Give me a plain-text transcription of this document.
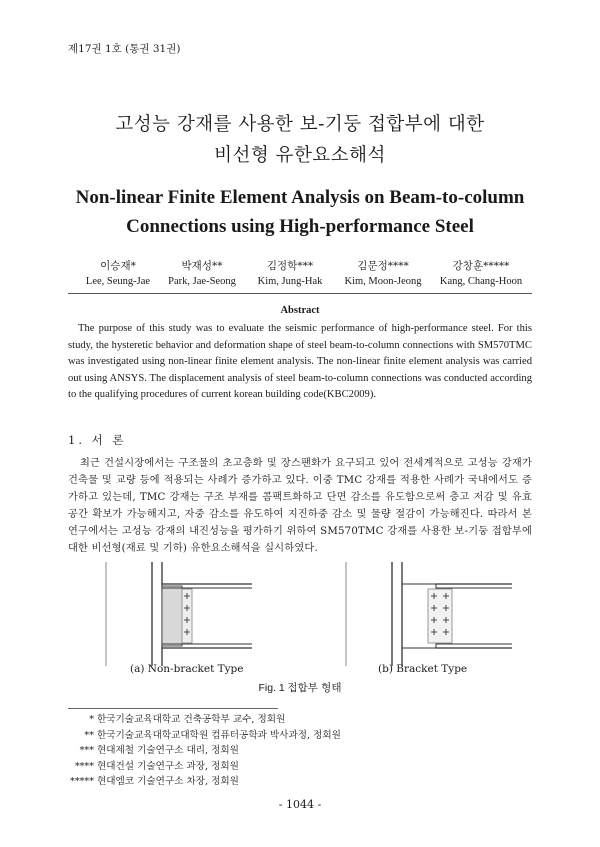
제17권 1호 (통권 31권)
고성능 강재를 사용한 보-기둥 접합부에 대한
비선형 유한요소해석
Non-linear Finite Element Analysis on Beam-to-column
Connections using High-performance Steel
이승재*
Lee, Seung-Jae
박재성**
Park, Jae-Seong
김정학***
Kim, Jung-Hak
김문정****
Kim, Moon-Jeong
강창훈*****
Kang, Chang-Hoon
Abstract
The purpose of this study was to evaluate the seismic performance of high-performance steel. For this study, the hysteretic behavior and deformation shape of steel beam-to-column connections with SM570TMC was investigated using non-linear finite element analysis. The non-linear finite element analysis was carried out using ANSYS. The displacement analysis of steel beam-to-column connections was conducted according to the qualifying procedures of current korean building code(KBC2009).
1. 서 론
최근 건설시장에서는 구조물의 초고층화 및 장스팬화가 요구되고 있어 전세계적으로 고성능 강재가 건축물 및 교량 등에 적용되는 사례가 증가하고 있다. 이중 TMC 강재를 적용한 사례가 국내에서도 증가하고 있는데, TMC 강재는 구조 부재를 콤팩트화하고 단면 감소를 유도함으로써 층고 저감 및 유효 공간 확보가 가능해지고, 자중 감소를 유도하여 지진하중 감소 및 물량 절감이 가능해진다. 따라서 본 연구에서는 고성능 강재의 내진성능을 평가하기 위하여 SM570TMC 강재를 사용한 보-기둥 접합부에 대한 비선형(재료 및 기하) 유한요소해석을 실시하였다.
(a) Non-bracket Type	(b) Bracket Type
Fig. 1 접합부 형태
* 한국기술교육대학교 건축공학부 교수, 정회원
** 한국기술교육대학교대학원 컴퓨터공학과 박사과정, 정회원
*** 현대제철 기술연구소 대리, 정회원
**** 현대건설 기술연구소 과장, 정회원
***** 현대엠코 기술연구소 차장, 정회원
- 1044 -
